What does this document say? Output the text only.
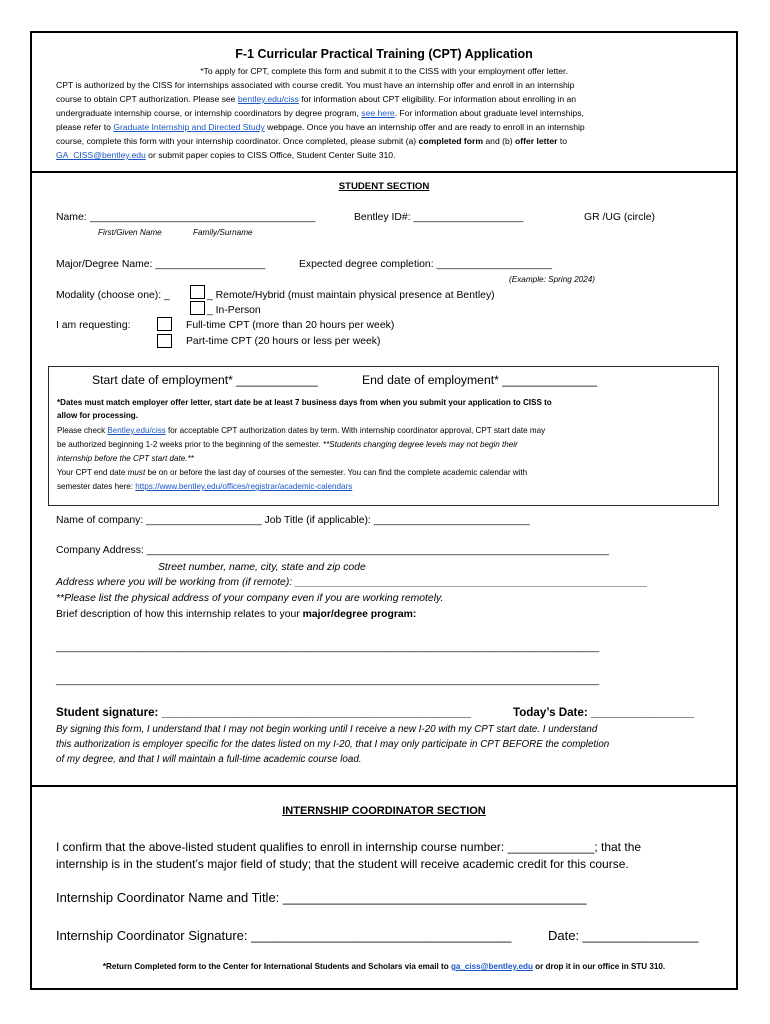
F-1 Curricular Practical Training (CPT) Application
*To apply for CPT, complete this form and submit it to the CISS with your employment offer letter.
CPT is authorized by the CISS for internships associated with course credit. You must have an internship offer and enroll in an internship
course to obtain CPT authorization. Please see bentley.edu/ciss for information about CPT eligibility. For information about enrolling in an
undergraduate internship course, or internship coordinators by degree program, see here. For information about graduate level internships,
please refer to Graduate Internship and Directed Study webpage. Once you have an internship offer and are ready to enroll in an internship
course, complete this form with your internship coordinator. Once completed, please submit (a) completed form and (b) offer letter to
GA_CISS@bentley.edu or submit paper copies to CISS Office, Student Center Suite 310.
STUDENT SECTION
Name: _______________________________________	Bentley ID#: ___________________	GR /UG (circle)
First/Given Name	Family/Surname
Major/Degree Name: ___________________	Expected degree completion: ____________________
(Example: Spring 2024)
Modality (choose one): _	_ Remote/Hybrid (must maintain physical presence at Bentley)
_ In-Person
I am requesting:	Full-time CPT (more than 20 hours per week)
Part-time CPT (20 hours or less per week)
Start date of employment* ____________	End date of employment* ______________
*Dates must match employer offer letter, start date be at least 7 business days from when you submit your application to CISS to
allow for processing.
Please check Bentley.edu/ciss for acceptable CPT authorization dates by term. With internship coordinator approval, CPT start date may
be authorized beginning 1-2 weeks prior to the beginning of the semester. **Students changing degree levels may not begin their
internship before the CPT start date.**
Your CPT end date must be on or before the last day of courses of the semester. You can find the complete academic calendar with
semester dates here: https://www.bentley.edu/offices/registrar/academic-calendars
Name of company: ____________________ Job Title (if applicable): ___________________________
Company Address: ________________________________________________________________________________
Street number, name, city, state and zip code
Address where you will be working from (if remote): _____________________________________________________________
**Please list the physical address of your company even if you are working remotely.
Brief description of how this internship relates to your major/degree program:
______________________________________________________________________________________________
______________________________________________________________________________________________
Student signature: ________________________________________________	Today’s Date: ________________
By signing this form, I understand that I may not begin working until I receive a new I-20 with my CPT start date. I understand
this authorization is employer specific for the dates listed on my I-20, that I may only participate in CPT BEFORE the completion
of my degree, and that I will maintain a full-time academic course load.
INTERNSHIP COORDINATOR SECTION
I confirm that the above-listed student qualifies to enroll in internship course number: _____________; that the
internship is in the student’s major field of study; that the student will receive academic credit for this course.
Internship Coordinator Name and Title: __________________________________________
Internship Coordinator Signature: ____________________________________	Date: ________________
*Return Completed form to the Center for International Students and Scholars via email to ga_ciss@bentley.edu or drop it in our office in STU 310.
